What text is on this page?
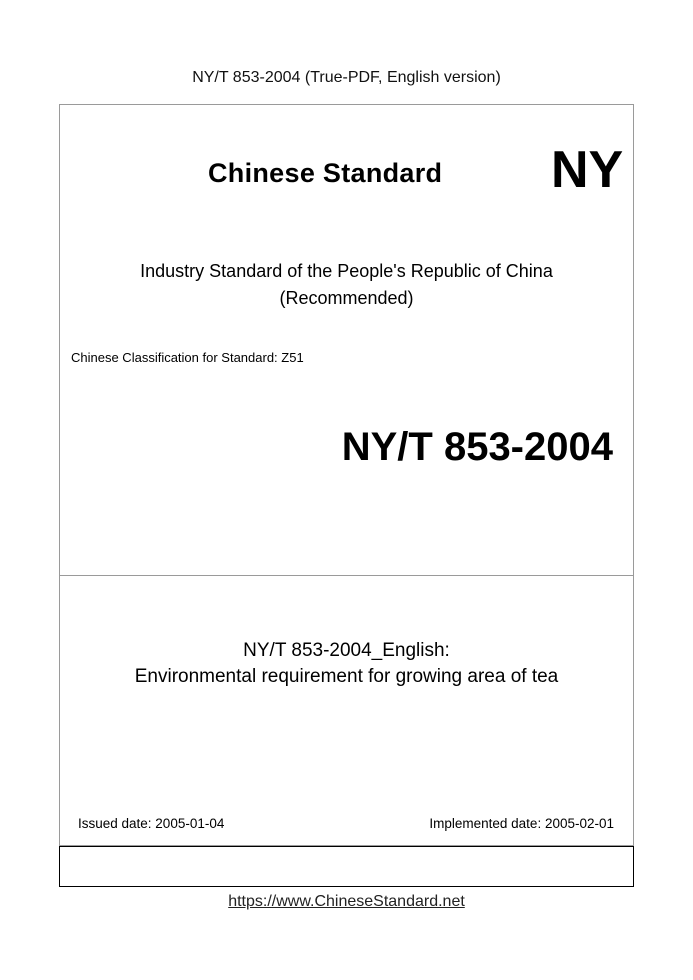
NY/T 853-2004 (True-PDF, English version)
Chinese Standard NY
Industry Standard of the People's Republic of China
(Recommended)
Chinese Classification for Standard: Z51
NY/T 853-2004
NY/T 853-2004_English:
Environmental requirement for growing area of tea
Issued date: 2005-01-04	Implemented date: 2005-02-01
https://www.ChineseStandard.net
